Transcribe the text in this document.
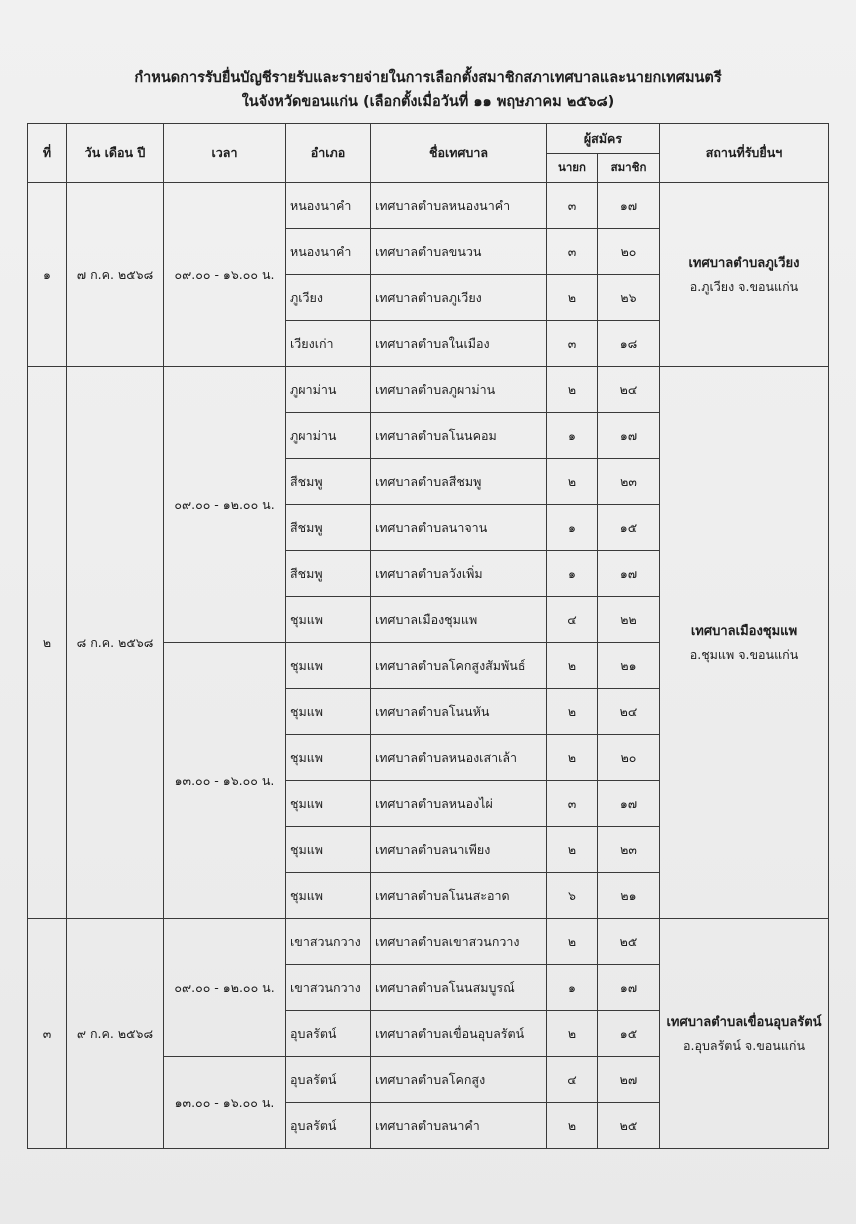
กำหนดการรับยื่นบัญชีรายรับและรายจ่ายในการเลือกตั้งสมาชิกสภาเทศบาลและนายกเทศมนตรี
ในจังหวัดขอนแก่น (เลือกตั้งเมื่อวันที่ ๑๑ พฤษภาคม ๒๕๖๘)
ที่	วัน เดือน ปี	เวลา	อำเภอ	ชื่อเทศบาล	ผู้สมัคร		สถานที่รับยื่นฯ
					นายก	สมาชิก	
๑	๗ ก.ค. ๒๕๖๘	๐๙.๐๐ - ๑๖.๐๐ น.	หนองนาคำ	เทศบาลตำบลหนองนาคำ	๓	๑๗	เทศบาลตำบลภูเวียง
อ.ภูเวียง จ.ขอนแก่น

			หนองนาคำ	เทศบาลตำบลขนวน	๓	๒๐	
			ภูเวียง	เทศบาลตำบลภูเวียง	๒	๒๖	
			เวียงเก่า	เทศบาลตำบลในเมือง	๓	๑๘	
๒	๘ ก.ค. ๒๕๖๘	๐๙.๐๐ - ๑๒.๐๐ น.	ภูผาม่าน	เทศบาลตำบลภูผาม่าน	๒	๒๔	เทศบาลเมืองชุมแพ
อ.ชุมแพ จ.ขอนแก่น

			ภูผาม่าน	เทศบาลตำบลโนนคอม	๑	๑๗	
			สีชมพู	เทศบาลตำบลสีชมพู	๒	๒๓	
			สีชมพู	เทศบาลตำบลนาจาน	๑	๑๕	
			สีชมพู	เทศบาลตำบลวังเพิ่ม	๑	๑๗	
			ชุมแพ	เทศบาลเมืองชุมแพ	๔	๒๒	
		๑๓.๐๐ - ๑๖.๐๐ น.	ชุมแพ	เทศบาลตำบลโคกสูงสัมพันธ์	๒	๒๑	
			ชุมแพ	เทศบาลตำบลโนนหัน	๒	๒๔	
			ชุมแพ	เทศบาลตำบลหนองเสาเล้า	๒	๒๐	
			ชุมแพ	เทศบาลตำบลหนองไผ่	๓	๑๗	
			ชุมแพ	เทศบาลตำบลนาเพียง	๒	๒๓	
			ชุมแพ	เทศบาลตำบลโนนสะอาด	๖	๒๑	
๓	๙ ก.ค. ๒๕๖๘	๐๙.๐๐ - ๑๒.๐๐ น.	เขาสวนกวาง	เทศบาลตำบลเขาสวนกวาง	๒	๒๕	เทศบาลตำบลเขื่อนอุบลรัตน์
อ.อุบลรัตน์ จ.ขอนแก่น

			เขาสวนกวาง	เทศบาลตำบลโนนสมบูรณ์	๑	๑๗	
			อุบลรัตน์	เทศบาลตำบลเขื่อนอุบลรัตน์	๒	๑๕	
		๑๓.๐๐ - ๑๖.๐๐ น.	อุบลรัตน์	เทศบาลตำบลโคกสูง	๔	๒๗	
			อุบลรัตน์	เทศบาลตำบลนาคำ	๒	๒๕	
